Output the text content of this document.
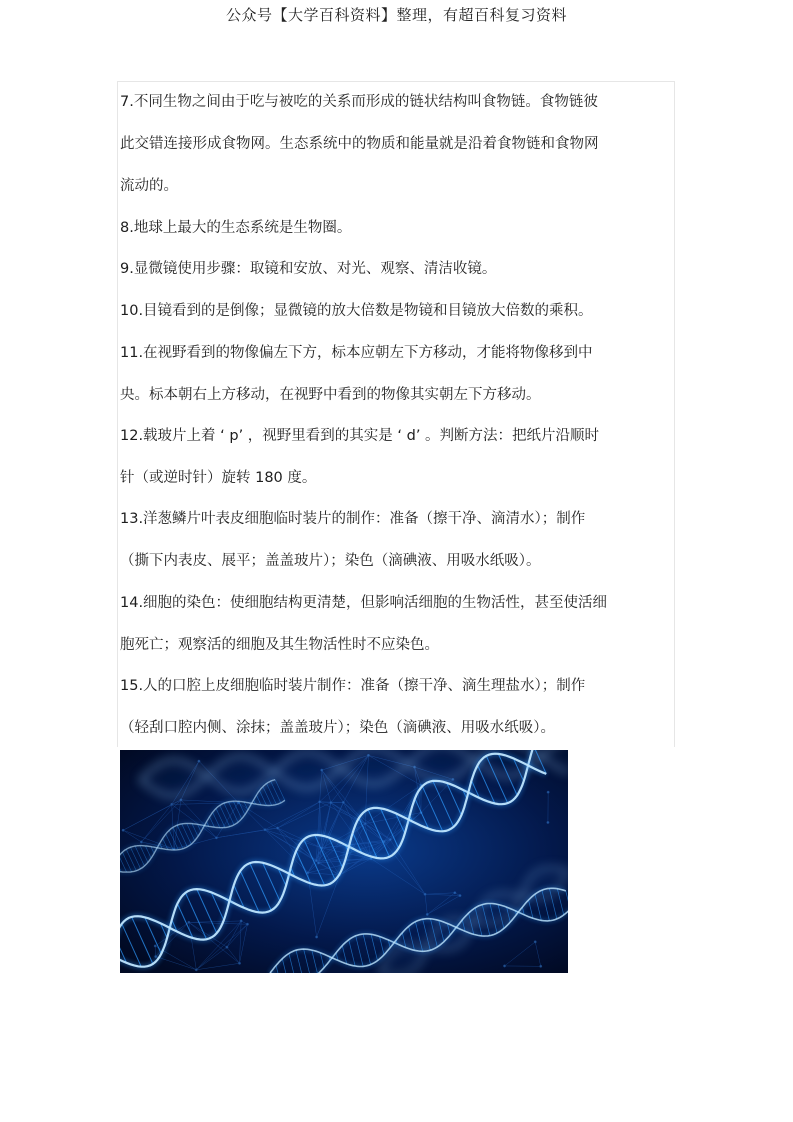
公众号【大学百科资料】整理，有超百科复习资料
7.不同生物之间由于吃与被吃的关系而形成的链状结构叫食物链。食物链彼
此交错连接形成食物网。生态系统中的物质和能量就是沿着食物链和食物网
流动的。
8.地球上最大的生态系统是生物圈。
9.显微镜使用步骤：取镜和安放、对光、观察、清洁收镜。
10.目镜看到的是倒像；显微镜的放大倍数是物镜和目镜放大倍数的乘积。
11.在视野看到的物像偏左下方，标本应朝左下方移动，才能将物像移到中
央。标本朝右上方移动，在视野中看到的物像其实朝左下方移动。
12.载玻片上着 ‘ p’ ，视野里看到的其实是 ‘ d’ 。判断方法：把纸片沿顺时
针（或逆时针）旋转 180 度。
13.洋葱鳞片叶表皮细胞临时装片的制作：准备（擦干净、滴清水）；制作
（撕下内表皮、展平；盖盖玻片）；染色（滴碘液、用吸水纸吸）。
14.细胞的染色：使细胞结构更清楚，但影响活细胞的生物活性，甚至使活细
胞死亡；观察活的细胞及其生物活性时不应染色。
15.人的口腔上皮细胞临时装片制作：准备（擦干净、滴生理盐水）；制作
（轻刮口腔内侧、涂抹；盖盖玻片）；染色（滴碘液、用吸水纸吸）。
